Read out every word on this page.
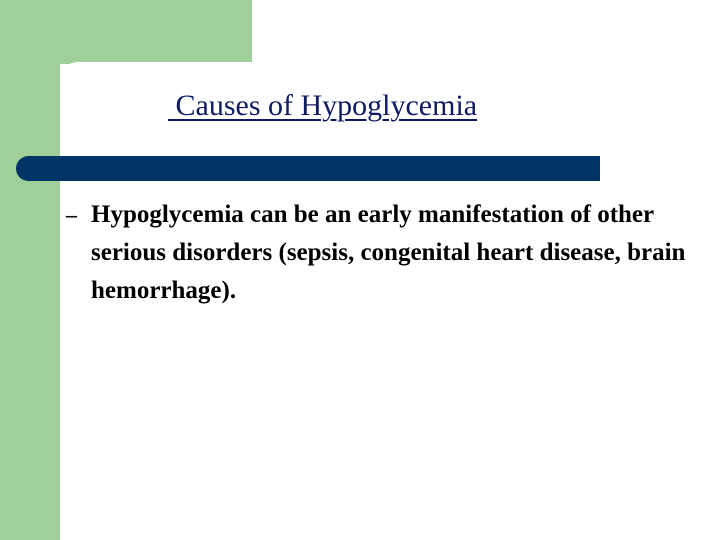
Causes of Hypoglycemia
– Hypoglycemia can be an early manifestation of other serious disorders (sepsis, congenital heart disease, brain hemorrhage).
